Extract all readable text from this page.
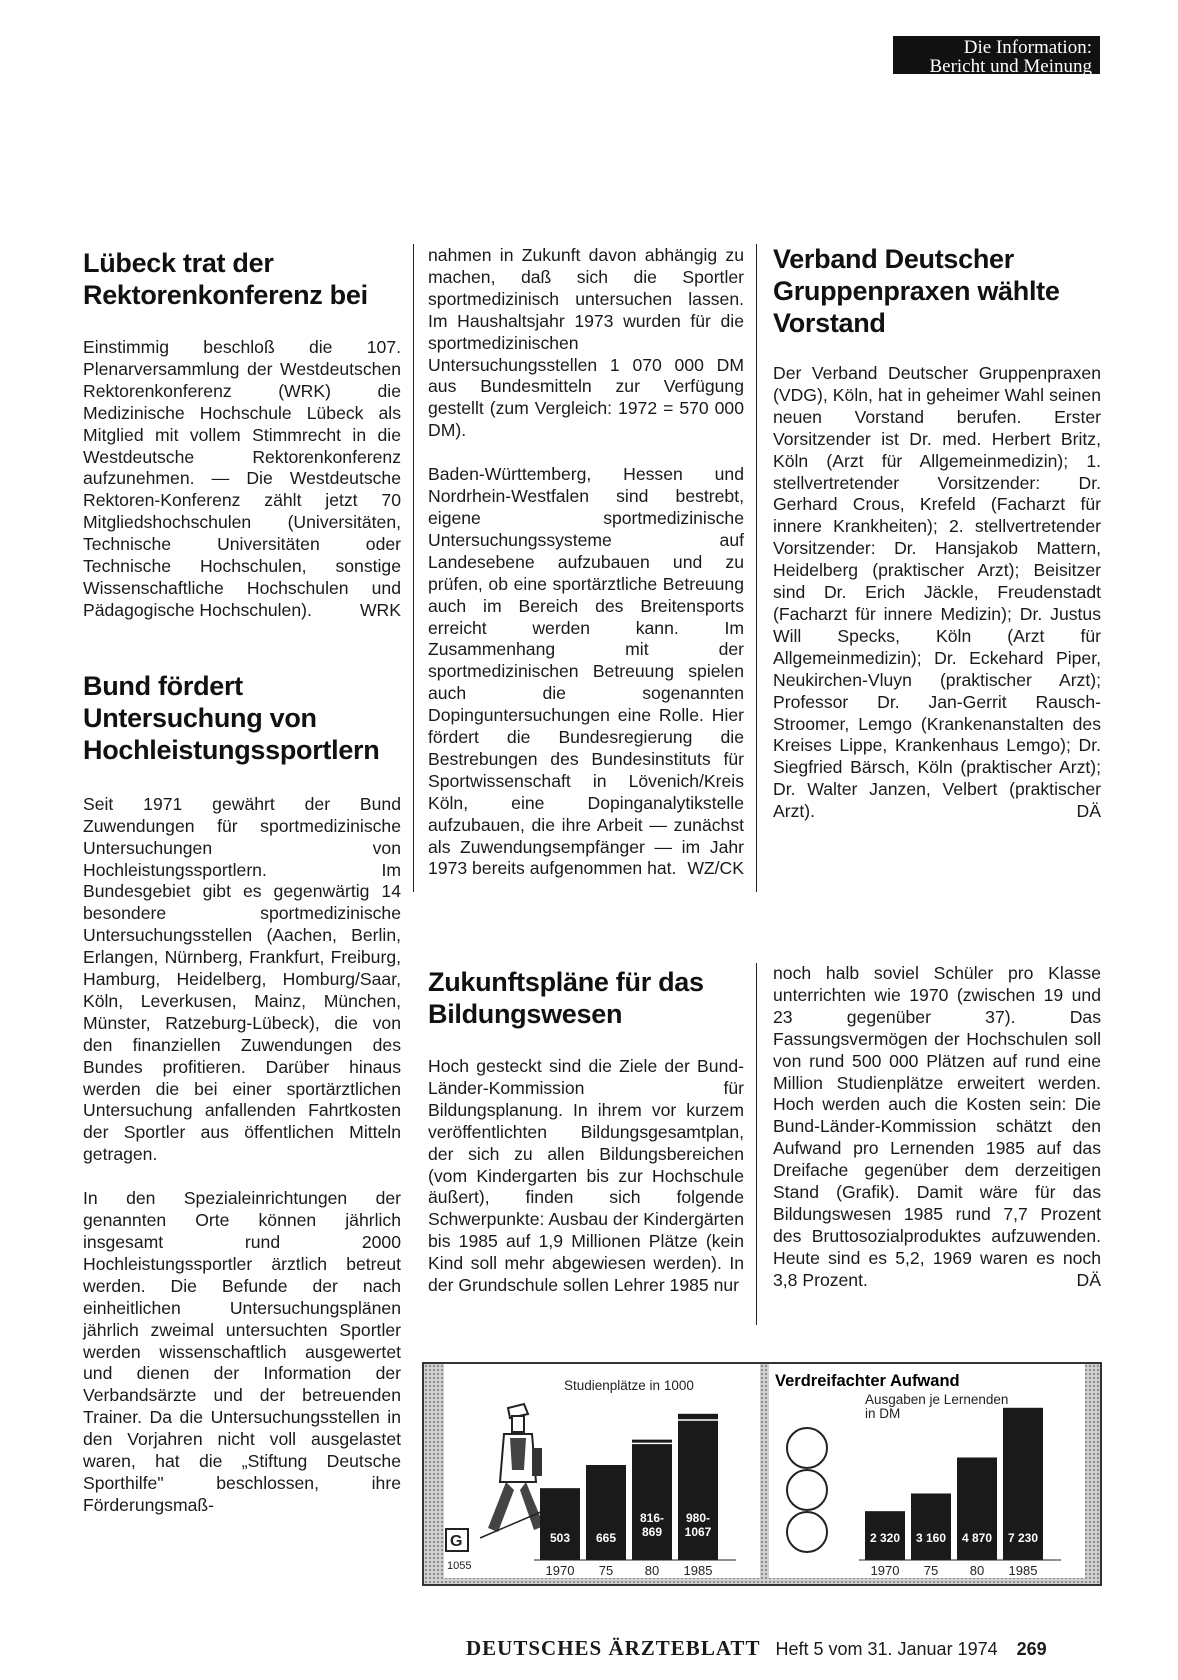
Die Information:
Bericht und Meinung
Lübeck trat der Rektorenkonferenz bei

Einstimmig beschloß die 107. Plenarversammlung der Westdeutschen Rektorenkonferenz (WRK) die Medizinische Hochschule Lübeck als Mitglied mit vollem Stimmrecht in die Westdeutsche Rektorenkonferenz aufzunehmen. — Die Westdeutsche Rektoren-Konferenz zählt jetzt 70 Mitgliedshochschulen (Universitäten, Technische Universitäten oder Technische Hochschulen, sonstige Wissenschaftliche Hochschulen und Pädagogische Hochschulen).	WRK

Bund fördert Untersuchung von Hochleistungssportlern

Seit 1971 gewährt der Bund Zuwendungen für sportmedizinische Untersuchungen von Hochleistungssportlern. Im Bundesgebiet gibt es gegenwärtig 14 besondere sportmedizinische Untersuchungsstellen (Aachen, Berlin, Erlangen, Nürnberg, Frankfurt, Freiburg, Hamburg, Heidelberg, Homburg/Saar, Köln, Leverkusen, Mainz, München, Münster, Ratzeburg-Lübeck), die von den finanziellen Zuwendungen des Bundes profitieren. Darüber hinaus werden die bei einer sportärztlichen Untersuchung anfallenden Fahrtkosten der Sportler aus öffentlichen Mitteln getragen.

In den Spezialeinrichtungen der genannten Orte können jährlich insgesamt rund 2000 Hochleistungssportler ärztlich betreut werden. Die Befunde der nach einheitlichen Untersuchungsplänen jährlich zweimal untersuchten Sportler werden wissenschaftlich ausgewertet und dienen der Information der Verbandsärzte und der betreuenden Trainer. Da die Untersuchungsstellen in den Vorjahren nicht voll ausgelastet waren, hat die „Stiftung Deutsche Sporthilfe" beschlossen, ihre Förderungsmaß-

nahmen in Zukunft davon abhängig zu machen, daß sich die Sportler sportmedizinisch untersuchen lassen. Im Haushaltsjahr 1973 wurden für die sportmedizinischen Untersuchungsstellen 1 070 000 DM aus Bundesmitteln zur Verfügung gestellt (zum Vergleich: 1972 = 570 000 DM).

Baden-Württemberg, Hessen und Nordrhein-Westfalen sind bestrebt, eigene sportmedizinische Untersuchungssysteme auf Landesebene aufzubauen und zu prüfen, ob eine sportärztliche Betreuung auch im Bereich des Breitensports erreicht werden kann. Im Zusammenhang mit der sportmedizinischen Betreuung spielen auch die sogenannten Dopinguntersuchungen eine Rolle. Hier fördert die Bundesregierung die Bestrebungen des Bundesinstituts für Sportwissenschaft in Lövenich/Kreis Köln, eine Dopinganalytikstelle aufzubauen, die ihre Arbeit — zunächst als Zuwendungsempfänger — im Jahr 1973 bereits aufgenommen hat. WZ/CK

Verband Deutscher Gruppenpraxen wählte Vorstand

Der Verband Deutscher Gruppenpraxen (VDG), Köln, hat in geheimer Wahl seinen neuen Vorstand berufen. Erster Vorsitzender ist Dr. med. Herbert Britz, Köln (Arzt für Allgemeinmedizin); 1. stellvertretender Vorsitzender: Dr. Gerhard Crous, Krefeld (Facharzt für innere Krankheiten); 2. stellvertretender Vorsitzender: Dr. Hansjakob Mattern, Heidelberg (praktischer Arzt); Beisitzer sind Dr. Erich Jäckle, Freudenstadt (Facharzt für innere Medizin); Dr. Justus Will Specks, Köln (Arzt für Allgemeinmedizin); Dr. Eckehard Piper, Neukirchen-Vluyn (praktischer Arzt); Professor Dr. Jan-Gerrit Rausch-Stroomer, Lemgo (Krankenanstalten des Kreises Lippe, Krankenhaus Lemgo); Dr. Siegfried Bärsch, Köln (praktischer Arzt); Dr. Walter Janzen, Velbert (praktischer Arzt).	DÄ

Zukunftspläne für das Bildungswesen

Hoch gesteckt sind die Ziele der Bund-Länder-Kommission für Bildungsplanung. In ihrem vor kurzem veröffentlichten Bildungsgesamtplan, der sich zu allen Bildungsbereichen (vom Kindergarten bis zur Hochschule äußert), finden sich folgende Schwerpunkte: Ausbau der Kindergärten bis 1985 auf 1,9 Millionen Plätze (kein Kind soll mehr abgewiesen werden). In der Grundschule sollen Lehrer 1985 nur

noch halb soviel Schüler pro Klasse unterrichten wie 1970 (zwischen 19 und 23 gegenüber 37). Das Fassungsvermögen der Hochschulen soll von rund 500 000 Plätzen auf rund eine Million Studienplätze erweitert werden. Hoch werden auch die Kosten sein: Die Bund-Länder-Kommission schätzt den Aufwand pro Lernenden 1985 auf das Dreifache gegenüber dem derzeitigen Stand (Grafik). Damit wäre für das Bildungswesen 1985 rund 7,7 Prozent des Bruttosozialproduktes aufzuwenden. Heute sind es 5,2, 1969 waren es noch 3,8 Prozent.	DÄ

Studienplätze in 1000
G
1055
503
1970
665
75
816-
869
80
980-
1067
1985
Verdreifachter Aufwand
Ausgaben je Lernenden in DM
2 320
1970
3 160
75
4 870
80
7 230
1985
DEUTSCHES ÄRZTEBLATT Heft 5 vom 31. Januar 1974 269
